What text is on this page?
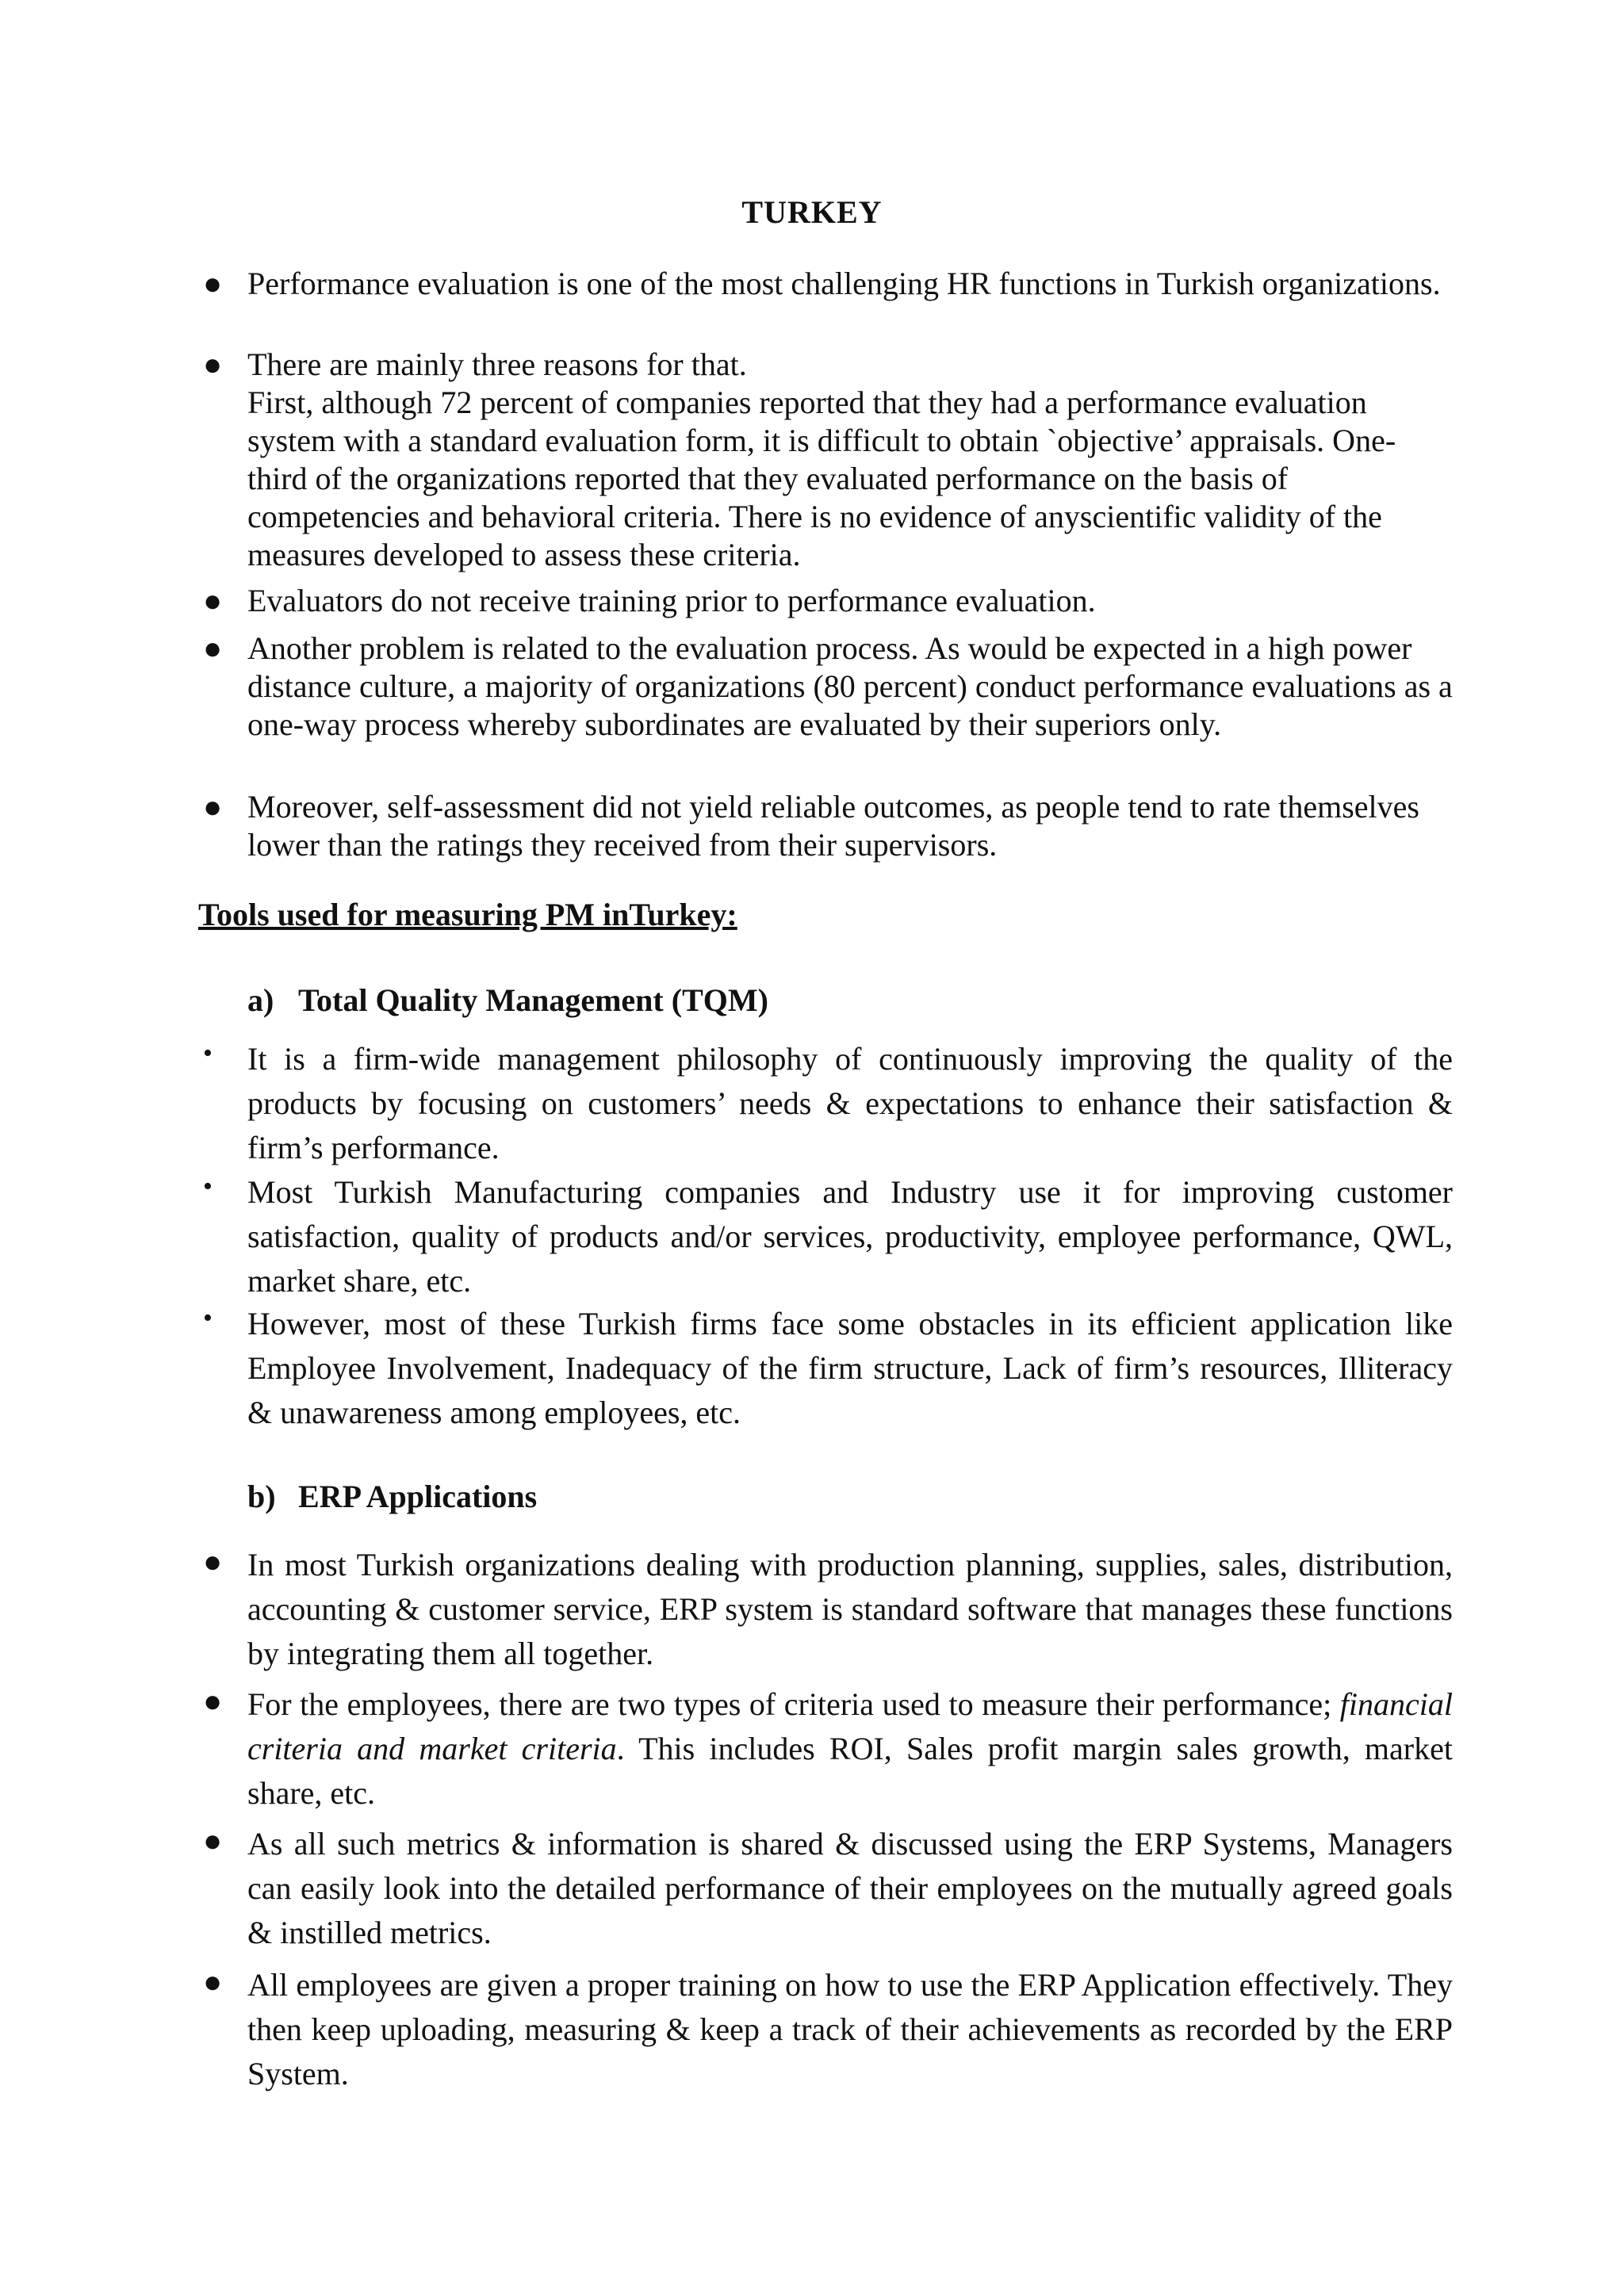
TURKEY
● Performance evaluation is one of the most challenging HR functions in Turkish organizations.

● There are mainly three reasons for that.

First, although 72 percent of companies reported that they had a performance evaluation system with a standard evaluation form, it is difficult to obtain `objective’ appraisals. One-third of the organizations reported that they evaluated performance on the basis of competencies and behavioral criteria. There is no evidence of anyscientific validity of the measures developed to assess these criteria.

● Evaluators do not receive training prior to performance evaluation.

● Another problem is related to the evaluation process. As would be expected in a high power distance culture, a majority of organizations (80 percent) conduct performance evaluations as a one-way process whereby subordinates are evaluated by their superiors only.

● Moreover, self-assessment did not yield reliable outcomes, as people tend to rate themselves lower than the ratings they received from their supervisors.

Tools used for measuring PM inTurkey:
a) Total Quality Management (TQM)
• It is a firm-wide management philosophy of continuously improving the quality of the products by focusing on customers’ needs & expectations to enhance their satisfaction & firm’s performance.

• Most Turkish Manufacturing companies and Industry use it for improving customer satisfaction, quality of products and/or services, productivity, employee performance, QWL, market share, etc.

• However, most of these Turkish firms face some obstacles in its efficient application like Employee Involvement, Inadequacy of the firm structure, Lack of firm’s resources, Illiteracy & unawareness among employees, etc.

b) ERP Applications
● In most Turkish organizations dealing with production planning, supplies, sales, distribution, accounting & customer service, ERP system is standard software that manages these functions by integrating them all together.

● For the employees, there are two types of criteria used to measure their performance; financial criteria and market criteria. This includes ROI, Sales profit margin sales growth, market share, etc.

● As all such metrics & information is shared & discussed using the ERP Systems, Managers can easily look into the detailed performance of their employees on the mutually agreed goals & instilled metrics.

● All employees are given a proper training on how to use the ERP Application effectively. They then keep uploading, measuring & keep a track of their achievements as recorded by the ERP System.
